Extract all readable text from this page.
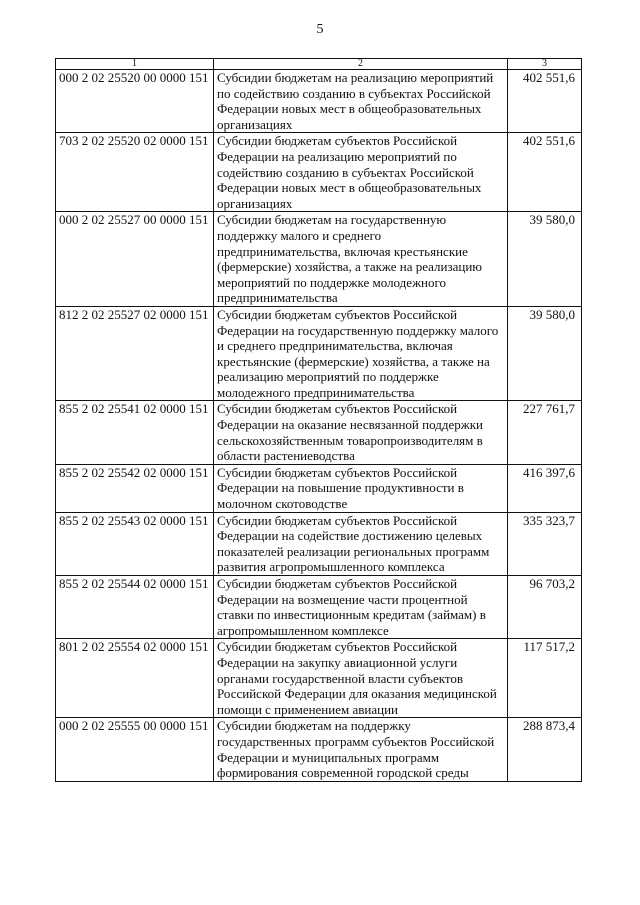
5
1	2	3
000 2 02 25520 00 0000 151	Субсидии бюджетам на реализацию мероприятий по содействию созданию в субъектах Российской Федерации новых мест в общеобразовательных организациях	402 551,6
703 2 02 25520 02 0000 151	Субсидии бюджетам субъектов Российской Федерации на реализацию мероприятий по содействию созданию в субъектах Российской Федерации новых мест в общеобразовательных организациях	402 551,6
000 2 02 25527 00 0000 151	Субсидии бюджетам на государственную поддержку малого и среднего предпринимательства, включая крестьянские (фермерские) хозяйства, а также на реализацию мероприятий по поддержке молодежного предпринимательства	39 580,0
812 2 02 25527 02 0000 151	Субсидии бюджетам субъектов Российской Федерации на государственную поддержку малого и среднего предпринимательства, включая крестьянские (фермерские) хозяйства, а также на реализацию мероприятий по поддержке молодежного предпринимательства	39 580,0
855 2 02 25541 02 0000 151	Субсидии бюджетам субъектов Российской Федерации на оказание несвязанной поддержки сельскохозяйственным товаропроизводителям в области растениеводства	227 761,7
855 2 02 25542 02 0000 151	Субсидии бюджетам субъектов Российской Федерации на повышение продуктивности в молочном скотоводстве	416 397,6
855 2 02 25543 02 0000 151	Субсидии бюджетам субъектов Российской Федерации на содействие достижению целевых показателей реализации региональных программ развития агропромышленного комплекса	335 323,7
855 2 02 25544 02 0000 151	Субсидии бюджетам субъектов Российской Федерации на возмещение части процентной ставки по инвестиционным кредитам (займам) в агропромышленном комплексе	96 703,2
801 2 02 25554 02 0000 151	Субсидии бюджетам субъектов Российской Федерации на закупку авиационной услуги органами государственной власти субъектов Российской Федерации для оказания медицинской помощи с применением авиации	117 517,2
000 2 02 25555 00 0000 151	Субсидии бюджетам на поддержку государственных программ субъектов Российской Федерации и муниципальных программ формирования современной городской среды	288 873,4
